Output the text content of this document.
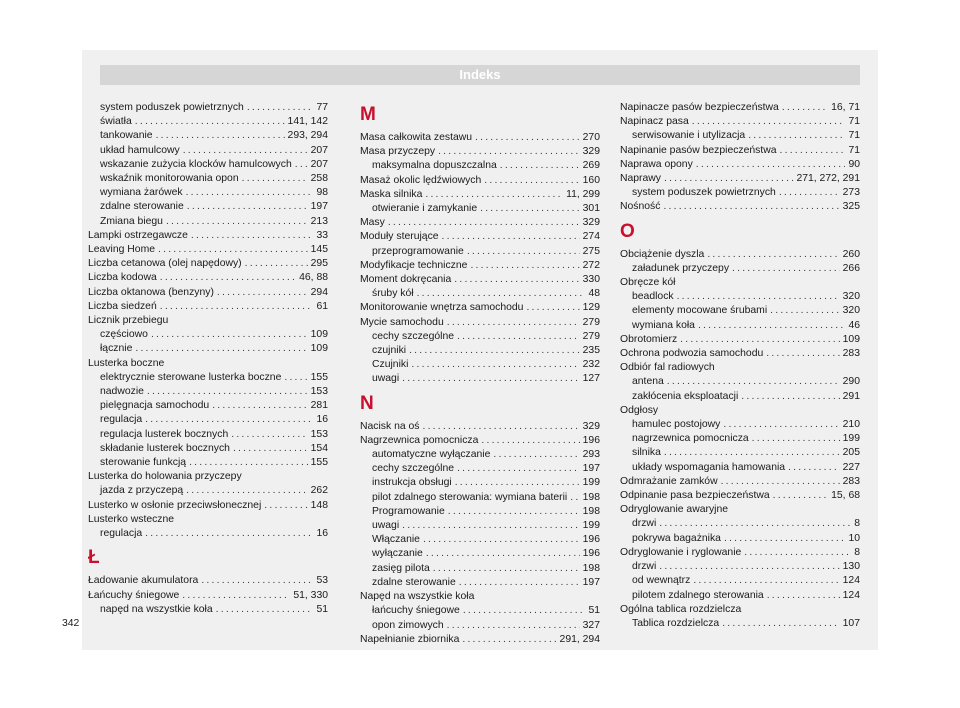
Indeks
system poduszek powietrznych .....	77
światła .....	141, 142
tankowanie .....	293, 294
układ hamulcowy .....	207
wskazanie zużycia klocków hamulcowych ..... 207
wskaźnik monitorowania opon .....	258
wymiana żarówek .....	98
zdalne sterowanie .....	197
Zmiana biegu .....	213
Lampki ostrzegawcze .....	33
Leaving Home .....	145
Liczba cetanowa (olej napędowy) .....	295
Liczba kodowa .....	46, 88
Liczba oktanowa (benzyny) .....	294
Liczba siedzeń .....	61
Licznik przebiegu
częściowo .....	109
łącznie .....	109
Lusterka boczne
elektrycznie sterowane lusterka boczne .....	155
nadwozie .....	153
pielęgnacja samochodu .....	281
regulacja .....	16
regulacja lusterek bocznych .....	153
składanie lusterek bocznych .....	154
sterowanie funkcją .....	155
Lusterka do holowania przyczepy
jazda z przyczepą .....	262
Lusterko w osłonie przeciwsłonecznej .....	148
Lusterko wsteczne
regulacja .....	16
Ł
Ładowanie akumulatora .....	53
Łańcuchy śniegowe .....	51, 330
napęd na wszystkie koła .....	51
M
Masa całkowita zestawu .....	270
Masa przyczepy .....	329
maksymalna dopuszczalna .....	269
Masaż okolic lędźwiowych .....	160
Maska silnika .....	11, 299
otwieranie i zamykanie .....	301
Masy .....	329
Moduły sterujące .....	274
przeprogramowanie .....	275
Modyfikacje techniczne .....	272
Moment dokręcania .....	330
śruby kół .....	48
Monitorowanie wnętrza samochodu .....	129
Mycie samochodu .....	279
cechy szczególne .....	279
czujniki .....	235
Czujniki .....	232
uwagi .....	127
N
Nacisk na oś .....	329
Nagrzewnica pomocnicza .....	196
automatyczne wyłączanie .....	293
cechy szczególne .....	197
instrukcja obsługi .....	199
pilot zdalnego sterowania: wymiana baterii ..... 198
Programowanie .....	198
uwagi .....	199
Włączanie .....	196
wyłączanie .....	196
zasięg pilota .....	198
zdalne sterowanie .....	197
Napęd na wszystkie koła
łańcuchy śniegowe .....	51
opon zimowych .....	327
Napełnianie zbiornika .....	291, 294
Napinacze pasów bezpieczeństwa .....	16, 71
Napinacz pasa .....	71
serwisowanie i utylizacja .....	71
Napinanie pasów bezpieczeństwa .....	71
Naprawa opony .....	90
Naprawy .....	271, 272, 291
system poduszek powietrznych .....	273
Nośność .....	325
O
Obciążenie dyszla .....	260
załadunek przyczepy .....	266
Obręcze kół
beadlock .....	320
elementy mocowane śrubami .....	320
wymiana koła .....	46
Obrotomierz .....	109
Ochrona podwozia samochodu .....	283
Odbiór fal radiowych
antena .....	290
zakłócenia eksploatacji .....	291
Odgłosy
hamulec postojowy .....	210
nagrzewnica pomocnicza .....	199
silnika .....	205
układy wspomagania hamowania .....	227
Odmrażanie zamków .....	283
Odpinanie pasa bezpieczeństwa .....	15, 68
Odryglowanie awaryjne
drzwi .....	8
pokrywa bagażnika .....	10
Odryglowanie i ryglowanie .....	8
drzwi .....	130
od wewnątrz .....	124
pilotem zdalnego sterowania .....	124
Ogólna tablica rozdzielcza
Tablica rozdzielcza .....	107
342
